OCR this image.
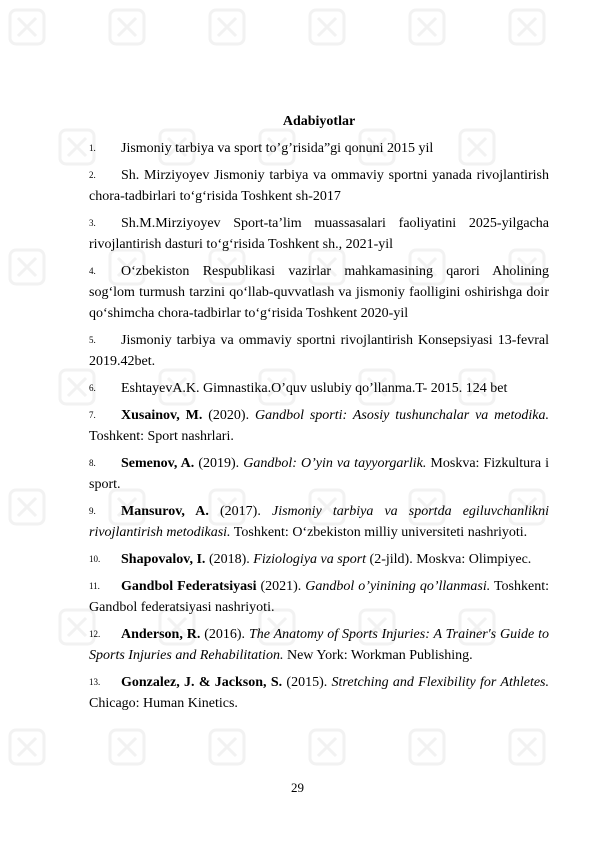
Adabiyotlar
1. Jismoniy tarbiya va sport to’g’risida”gi qonuni 2015 yil
2. Sh. Mirziyoyev Jismoniy tarbiya va ommaviy sportni yanada rivojlantirish chora-tadbirlari to‘g‘risida Toshkent sh-2017
3. Sh.M.Mirziyoyev Sport-ta’lim muassasalari faoliyatini 2025-yilgacha rivojlantirish dasturi to‘g‘risida Toshkent sh., 2021-yil
4. O‘zbekiston Respublikasi vazirlar mahkamasining qarori Aholining sog‘lom turmush tarzini qo‘llab-quvvatlash va jismoniy faolligini oshirishga doir qo‘shimcha chora-tadbirlar to‘g‘risida Toshkent 2020-yil
5. Jismoniy tarbiya va ommaviy sportni rivojlantirish Konsepsiyasi 13-fevral 2019.42bet.
6. EshtayevA.K. Gimnastika.O’quv uslubiy qo’llanma.T- 2015. 124 bet
7. Xusainov, M. (2020). Gandbol sporti: Asosiy tushunchalar va metodika. Toshkent: Sport nashrlari.
8. Semenov, A. (2019). Gandbol: O’yin va tayyorgarlik. Moskva: Fizkultura i sport.
9. Mansurov, A. (2017). Jismoniy tarbiya va sportda egiluvchanlikni rivojlantirish metodikasi. Toshkent: O‘zbekiston milliy universiteti nashriyoti.
10. Shapovalov, I. (2018). Fiziologiya va sport (2-jild). Moskva: Olimpiyec.
11. Gandbol Federatsiyasi (2021). Gandbol o’yinining qo’llanmasi. Toshkent: Gandbol federatsiyasi nashriyoti.
12. Anderson, R. (2016). The Anatomy of Sports Injuries: A Trainer's Guide to Sports Injuries and Rehabilitation. New York: Workman Publishing.
13. Gonzalez, J. & Jackson, S. (2015). Stretching and Flexibility for Athletes. Chicago: Human Kinetics.
29
